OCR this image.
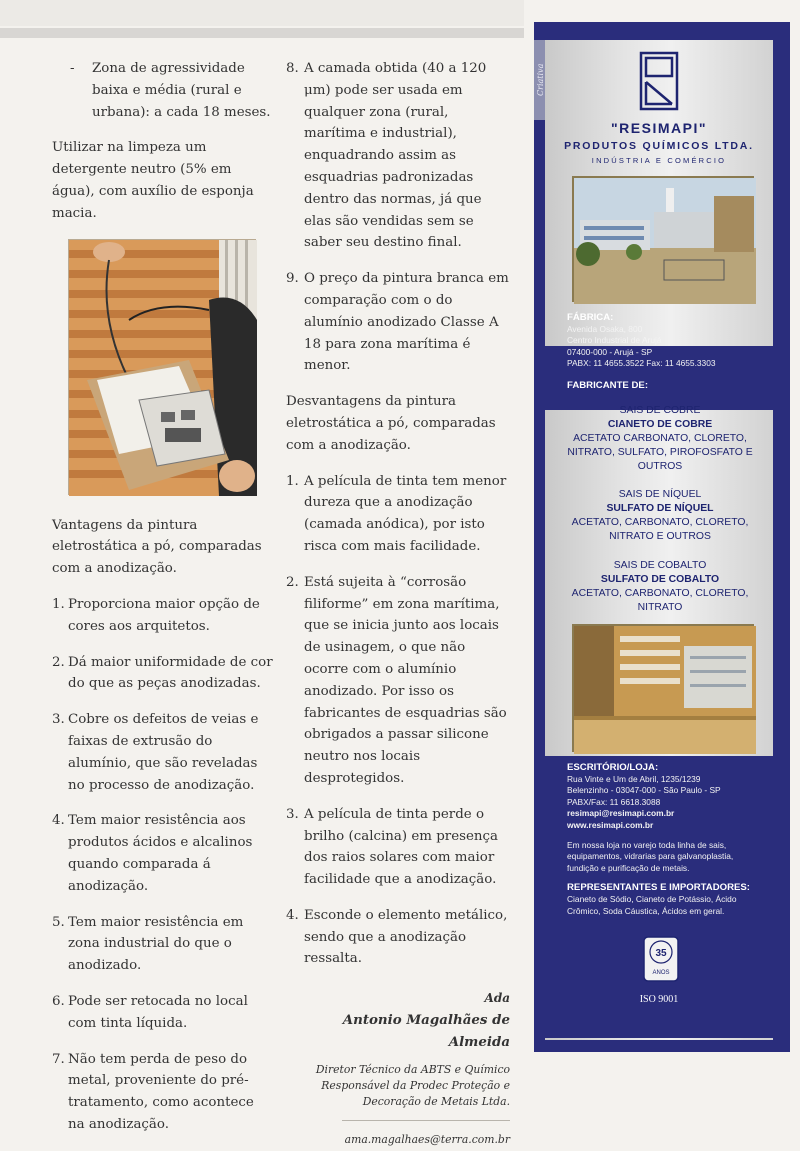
-	Zona de agressividade baixa e média (rural e urbana): a cada 18 meses.

Utilizar na limpeza um detergente neutro (5% em água), com auxílio de esponja macia.

Vantagens da pintura eletrostática a pó, comparadas com a anodização.

1. Proporciona maior opção de cores aos arquitetos.
2. Dá maior uniformidade de cor do que as peças anodizadas.
3. Cobre os defeitos de veias e faixas de extrusão do alumínio, que são reveladas no processo de anodização.
4. Tem maior resistência aos produtos ácidos e alcalinos quando comparada á anodização.
5. Tem maior resistência em zona industrial do que o anodizado.
6. Pode ser retocada no local com tinta líquida.
7. Não tem perda de peso do metal, proveniente do pré-tratamento, como acontece na anodização.
8. A camada obtida (40 a 120 μm) pode ser usada em qualquer zona (rural, marítima e industrial), enquadrando assim as esquadrias padronizadas dentro das normas, já que elas são vendidas sem se saber seu destino final.
9. O preço da pintura branca em comparação com o do alumínio anodizado Classe A 18 para zona marítima é menor.

Desvantagens da pintura eletrostática a pó, comparadas com a anodização.

1. A película de tinta tem menor dureza que a anodização (camada anódica), por isto risca com mais facilidade.
2. Está sujeita à “corrosão filiforme” em zona marítima, que se inicia junto aos locais de usinagem, o que não ocorre com o alumínio anodizado. Por isso os fabricantes de esquadrias são obrigados a passar silicone neutro nos locais desprotegidos.
3. A película de tinta perde o brilho (calcina) em presença dos raios solares com maior facilidade que a anodização.
4. Esconde o elemento metálico, sendo que a anodização ressalta.
Ada
Antonio Magalhães de Almeida
Diretor Técnico da ABTS e Químico
Responsável da Prodec Proteção e
Decoração de Metais Ltda.
ama.magalhaes@terra.com.br
Criativa
"RESIMAPI"
PRODUTOS QUÍMICOS LTDA.
INDÚSTRIA E COMÉRCIO
FÁBRICA:
Avenida Osaka, 800
Centro Industrial de Arujá
07400-000 - Arujá - SP
PABX: 11 4655.3522 Fax: 11 4655.3303
FABRICANTE DE:
SAIS DE COBRE
CIANETO DE COBRE
ACETATO CARBONATO, CLORETO, NITRATO, SULFATO, PIROFOSFATO E OUTROS
SAIS DE NÍQUEL
SULFATO DE NÍQUEL
ACETATO, CARBONATO, CLORETO, NITRATO E OUTROS
SAIS DE COBALTO
SULFATO DE COBALTO
ACETATO, CARBONATO, CLORETO, NITRATO
ESCRITÓRIO/LOJA:
Rua Vinte e Um de Abril, 1235/1239
Belenzinho - 03047-000 - São Paulo - SP
PABX/Fax: 11 6618.3088
resimapi@resimapi.com.br
www.resimapi.com.br
Em nossa loja no varejo toda linha de sais, equipamentos, vidrarias para galvanoplastia, fundição e purificação de metais.
REPRESENTANTES E IMPORTADORES:
Cianeto de Sódio, Cianeto de Potássio, Ácido Crômico, Soda Cáustica, Ácidos em geral.
35
ANOS
ISO 9001
